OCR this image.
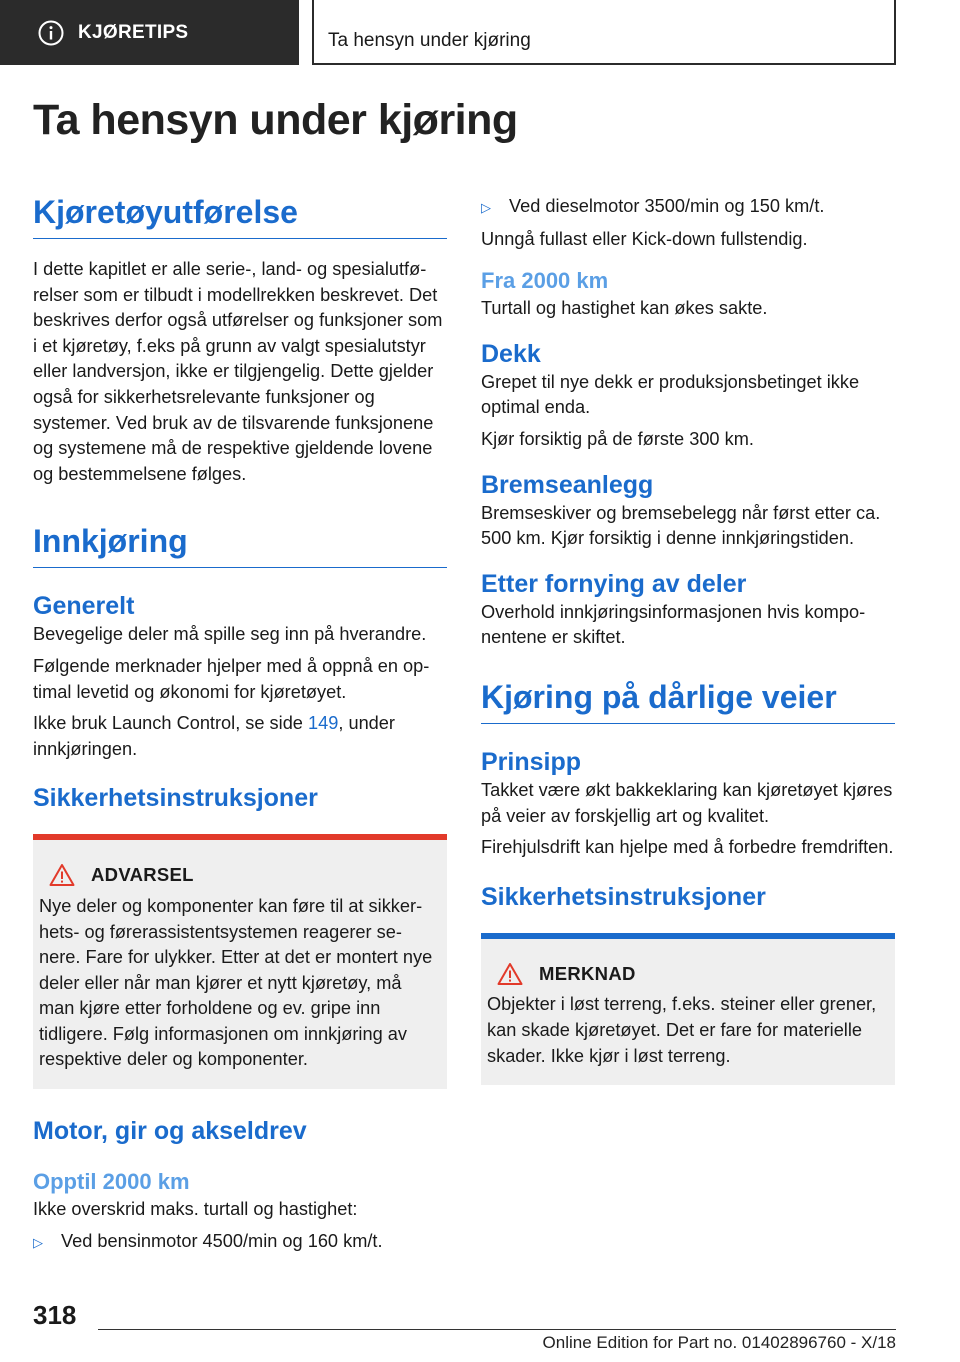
KJØRETIPS	Ta hensyn under kjøring
Ta hensyn under kjøring
Kjøretøyutførelse

I dette kapitlet er alle serie-, land- og spesialutførelser som er tilbudt i modellrekken beskrevet. Det beskrives derfor også utførelser og funksjoner som i et kjøretøy, f.eks på grunn av valgt spesialutstyr eller landversjon, ikke er tilgjengelig. Dette gjelder også for sikkerhetsrelevante funksjoner og systemer. Ved bruk av de tilsvarende funksjonene og systemene må de respektive gjeldende lovene og bestemmelsene følges.

Innkjøring
Generelt

Bevegelige deler må spille seg inn på hverandre.

Følgende merknader hjelper med å oppnå en optimal levetid og økonomi for kjøretøyet.

Ikke bruk Launch Control, se side 149, under innkjøringen.

Sikkerhetsinstruksjoner
ADVARSEL

Nye deler og komponenter kan føre til at sikkerhets- og førerassistentsystemen reagerer senere. Fare for ulykker. Etter at det er montert nye deler eller når man kjører et nytt kjøretøy, må man kjøre etter forholdene og ev. gripe inn tidligere. Følg informasjonen om innkjøring av respektive deler og komponenter.

Motor, gir og akseldrev
Opptil 2000 km

Ikke overskrid maks. turtall og hastighet:

▷ Ved bensinmotor 4500/min og 160 km/t.
▷ Ved dieselmotor 3500/min og 150 km/t.

Unngå fullast eller Kick-down fullstendig.

Fra 2000 km

Turtall og hastighet kan økes sakte.

Dekk

Grepet til nye dekk er produksjonsbetinget ikke optimal enda.

Kjør forsiktig på de første 300 km.

Bremseanlegg

Bremseskiver og bremsebelegg når først etter ca. 500 km. Kjør forsiktig i denne innkjøringstiden.

Etter fornying av deler

Overhold innkjøringsinformasjonen hvis komponentene er skiftet.

Kjøring på dårlige veier
Prinsipp

Takket være økt bakkeklaring kan kjøretøyet kjøres på veier av forskjellig art og kvalitet.

Firehjulsdrift kan hjelpe med å forbedre fremdriften.

Sikkerhetsinstruksjoner
MERKNAD

Objekter i løst terreng, f.eks. steiner eller grener, kan skade kjøretøyet. Det er fare for materielle skader. Ikke kjør i løst terreng.

318
Online Edition for Part no. 01402896760 - X/18
